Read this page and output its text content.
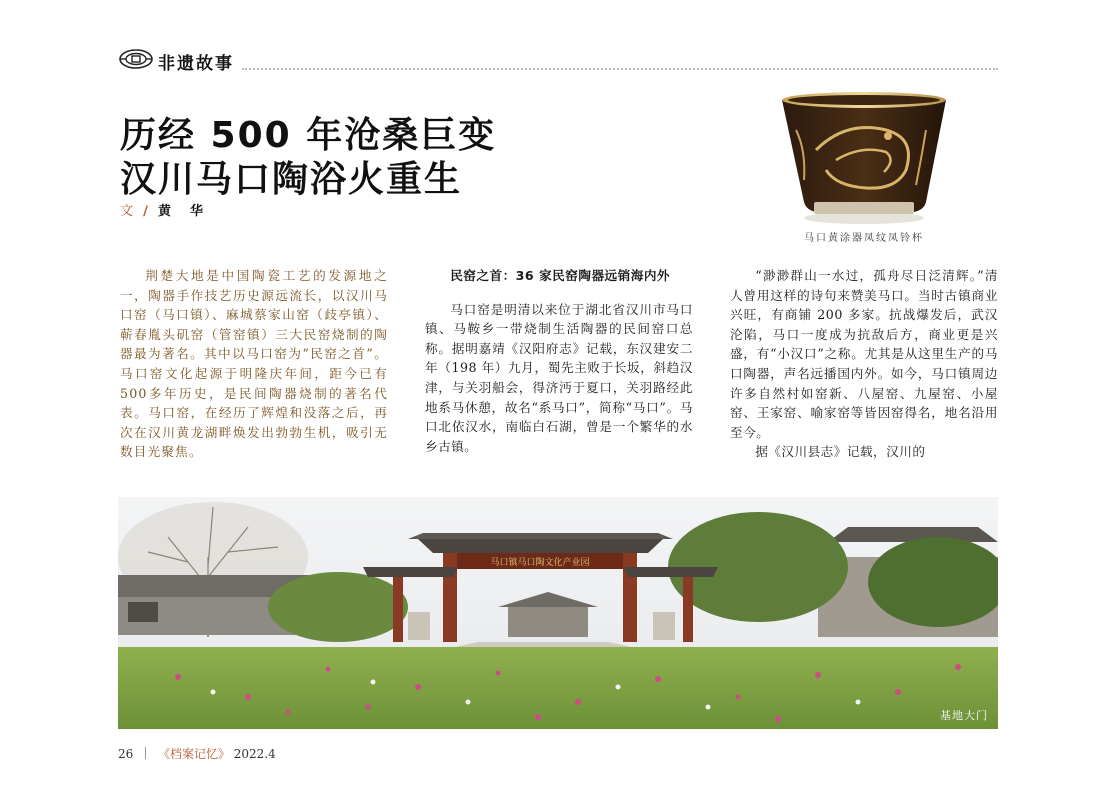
非遗故事
历经 500 年沧桑巨变
汉川马口陶浴火重生
文 / 黄　华
马口黄涂器凤纹凤铃杯

荆楚大地是中国陶瓷工艺的发源地之一，陶器手作技艺历史源远流长，以汉川马口窑（马口镇）、麻城蔡家山窑（歧亭镇）、蕲春胤头矶窑（管窑镇）三大民窑烧制的陶器最为著名。其中以马口窑为“民窑之首”。马口窑文化起源于明隆庆年间，距今已有500多年历史，是民间陶器烧制的著名代表。马口窑，在经历了辉煌和没落之后，再次在汉川黄龙湖畔焕发出勃勃生机，吸引无数目光聚焦。

民窑之首：36 家民窑陶器远销海内外

马口窑是明清以来位于湖北省汉川市马口镇、马鞍乡一带烧制生活陶器的民间窑口总称。据明嘉靖《汉阳府志》记载，东汉建安二年（198 年）九月，蜀先主败于长坂，斜趋汉津，与关羽船会，得济沔于夏口，关羽路经此地系马休憩，故名“系马口”，简称“马口”。马口北依汉水，南临白石湖，曾是一个繁华的水乡古镇。

“渺渺群山一水过，孤舟尽日泛清辉。”清人曾用这样的诗句来赞美马口。当时古镇商业兴旺，有商铺 200 多家。抗战爆发后，武汉沦陷，马口一度成为抗敌后方，商业更是兴盛，有“小汉口”之称。尤其是从这里生产的马口陶器，声名远播国内外。如今，马口镇周边许多自然村如窑新、八屋窑、九屋窑、小屋窑、王家窑、喻家窑等皆因窑得名，地名沿用至今。

据《汉川县志》记载，汉川的

马口镇马口陶文化产业园
基地大门
26 《档案记忆》 2022.4
